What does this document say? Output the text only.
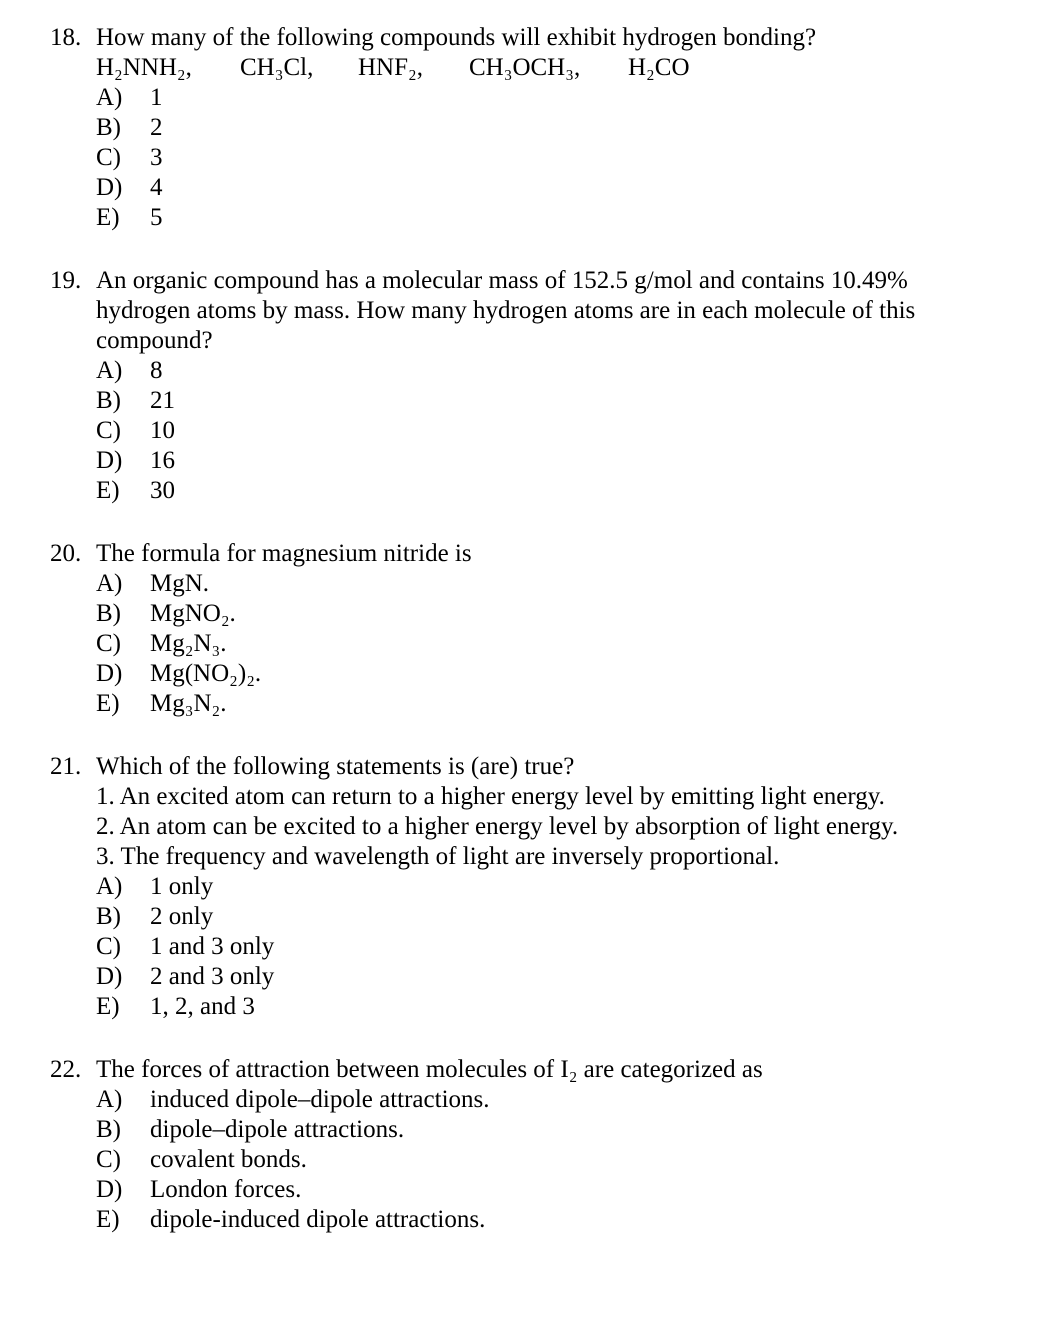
18. How many of the following compounds will exhibit hydrogen bonding?
H₂NNH₂,	CH₃Cl,	HNF₂,	CH₃OCH₃,	H₂CO
A)	1
B)	2
C)	3
D)	4
E)	5
19. An organic compound has a molecular mass of 152.5 g/mol and contains 10.49%
hydrogen atoms by mass. How many hydrogen atoms are in each molecule of this
compound?
A)	8
B)	21
C)	10
D)	16
E)	30
20. The formula for magnesium nitride is
A)	MgN.
B)	MgNO₂.
C)	Mg₂N₃.
D)	Mg(NO₂)₂.
E)	Mg₃N₂.
21. Which of the following statements is (are) true?
1. An excited atom can return to a higher energy level by emitting light energy.
2. An atom can be excited to a higher energy level by absorption of light energy.
3. The frequency and wavelength of light are inversely proportional.
A)	1 only
B)	2 only
C)	1 and 3 only
D)	2 and 3 only
E)	1, 2, and 3
22. The forces of attraction between molecules of I₂ are categorized as
A)	induced dipole–dipole attractions.
B)	dipole–dipole attractions.
C)	covalent bonds.
D)	London forces.
E)	dipole-induced dipole attractions.
